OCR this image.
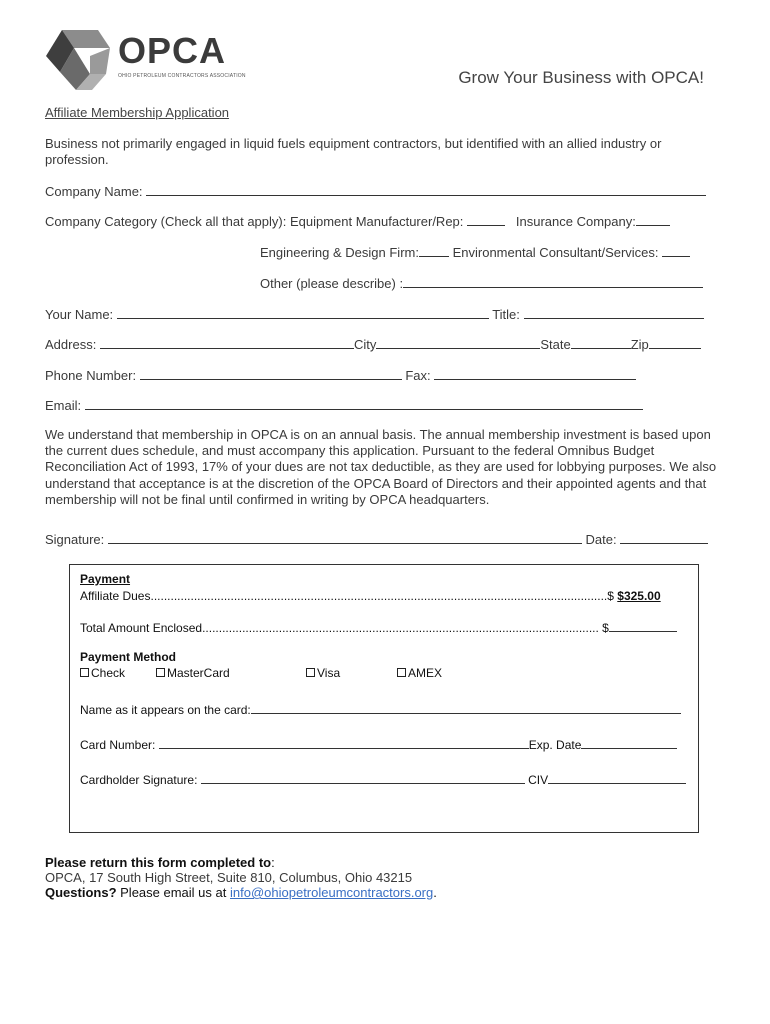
OPCA
OHIO PETROLEUM CONTRACTORS ASSOCIATION	Grow Your Business with OPCA!
Affiliate Membership Application
Business not primarily engaged in liquid fuels equipment contractors, but identified with an allied industry or profession.
Company Name:
Company Category (Check all that apply): Equipment Manufacturer/Rep:	Insurance Company:
Engineering & Design Firm:	Environmental Consultant/Services:
Other (please describe) :
Your Name:	Title:
Address:	City	State	Zip
Phone Number:	Fax:
Email:
We understand that membership in OPCA is on an annual basis. The annual membership investment is based upon the current dues schedule, and must accompany this application. Pursuant to the federal Omnibus Budget Reconciliation Act of 1993, 17% of your dues are not tax deductible, as they are used for lobbying purposes. We also understand that acceptance is at the discretion of the OPCA Board of Directors and their appointed agents and that membership will not be final until confirmed in writing by OPCA headquarters.
Signature:	Date:
Payment
Affiliate Dues.........................................................................................................................................$ $325.00
Total Amount Enclosed....................................................................................................................... $
Payment Method
Check	MasterCard	Visa	AMEX
Name as it appears on the card:
Card Number:	Exp. Date
Cardholder Signature:	CIV
Please return this form completed to:
OPCA, 17 South High Street, Suite 810, Columbus, Ohio 43215
Questions? Please email us at info@ohiopetroleumcontractors.org.
